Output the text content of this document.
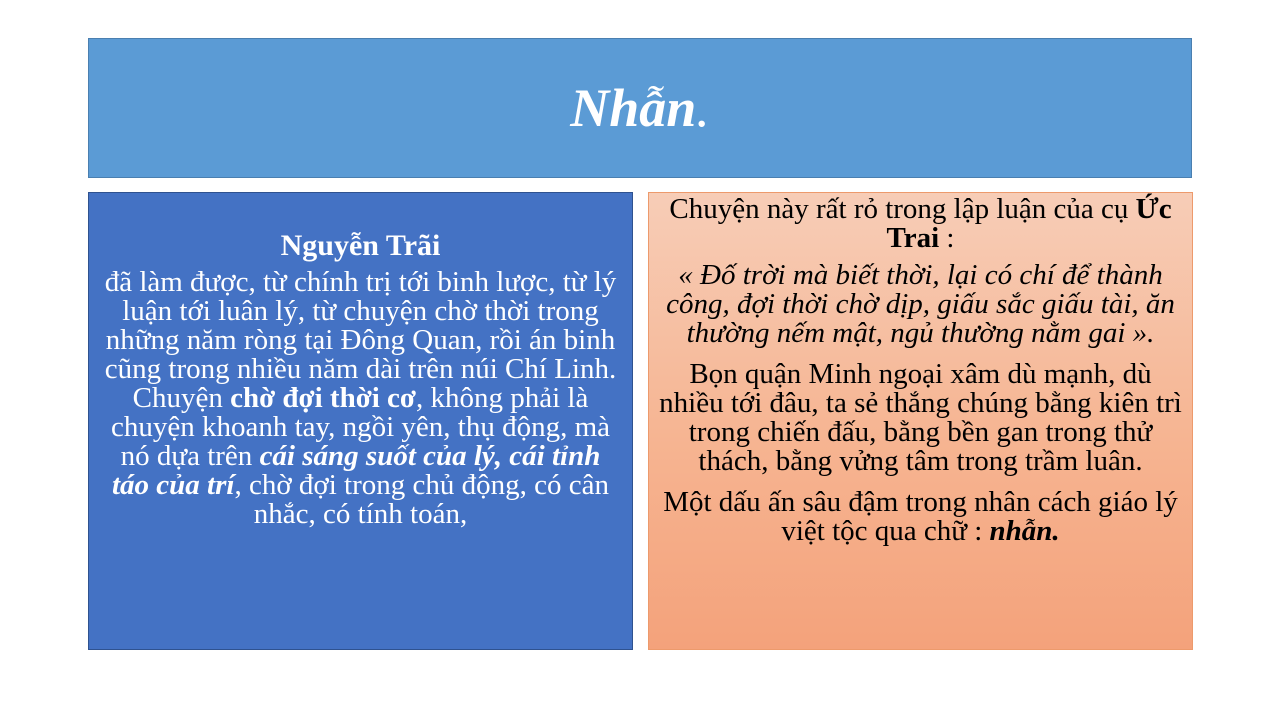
Nhẫn.
Nguyễn Trãi
đã làm được, từ chính trị tới binh lược, từ lý luận tới luân lý, từ chuyện chờ thời trong những năm ròng tại Đông Quan, rồi án binh cũng trong nhiều năm dài trên núi Chí Linh. Chuyện chờ đợi thời cơ, không phải là chuyện khoanh tay, ngồi yên, thụ động, mà nó dựa trên cái sáng suốt của lý, cái tỉnh táo của trí, chờ đợi trong chủ động, có cân nhắc, có tính toán,

Chuyện này rất rỏ trong lập luận của cụ Ức Trai :

« Đố trời mà biết thời, lại có chí để thành công, đợi thời chờ dịp, giấu sắc giấu tài, ăn thường nếm mật, ngủ thường nằm gai ».

Bọn quận Minh ngoại xâm dù mạnh, dù nhiều tới đâu, ta sẻ thắng chúng bằng kiên trì trong chiến đấu, bằng bền gan trong thử thách, bằng vửng tâm trong trầm luân.

Một dấu ấn sâu đậm trong nhân cách giáo lý việt tộc qua chữ : nhẫn.
